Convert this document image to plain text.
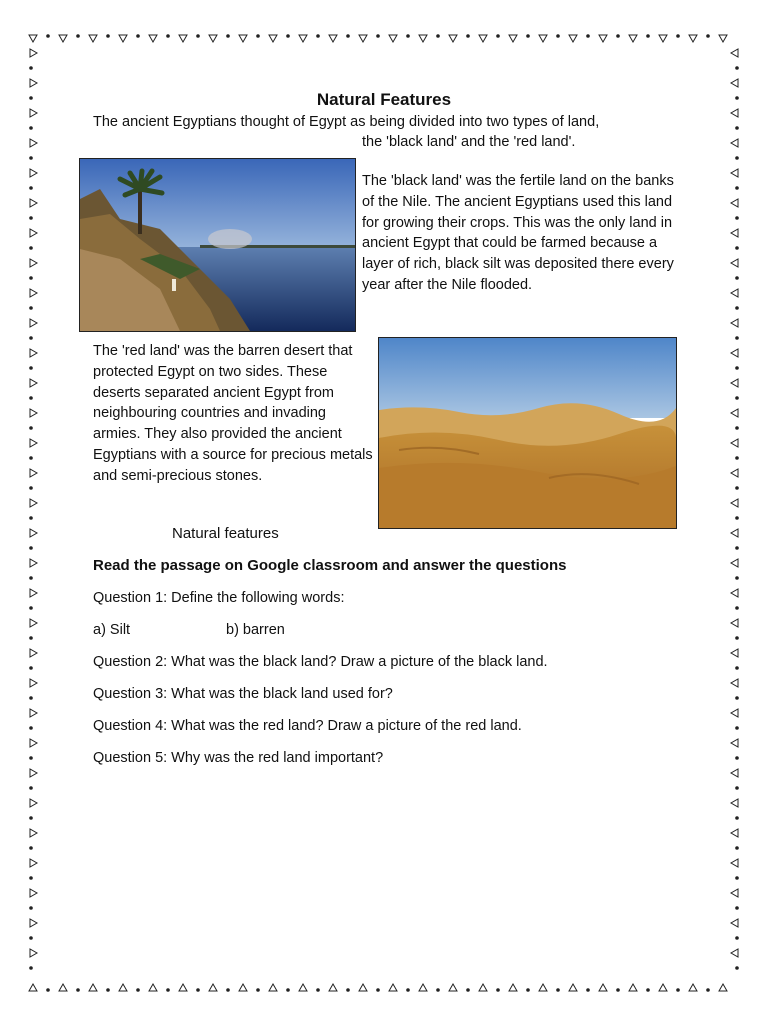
Natural Features
The ancient Egyptians thought of Egypt as being divided into two types of land,
the 'black land' and the 'red land'.
The 'black land' was the fertile land on the banks of the Nile. The ancient Egyptians used this land for growing their crops. This was the only land in ancient Egypt that could be farmed because a layer of rich, black silt was deposited there every year after the Nile flooded.
The 'red land' was the barren desert that protected Egypt on two sides. These deserts separated ancient Egypt from neighbouring countries and invading armies. They also provided the ancient Egyptians with a source for precious metals and semi-precious stones.
Natural features
Read the passage on Google classroom and answer the questions
Question 1: Define the following words:
a) Silt	b) barren
Question 2: What was the black land? Draw a picture of the black land.
Question 3: What was the black land used for?
Question 4: What was the red land? Draw a picture of the red land.
Question 5: Why was the red land important?
